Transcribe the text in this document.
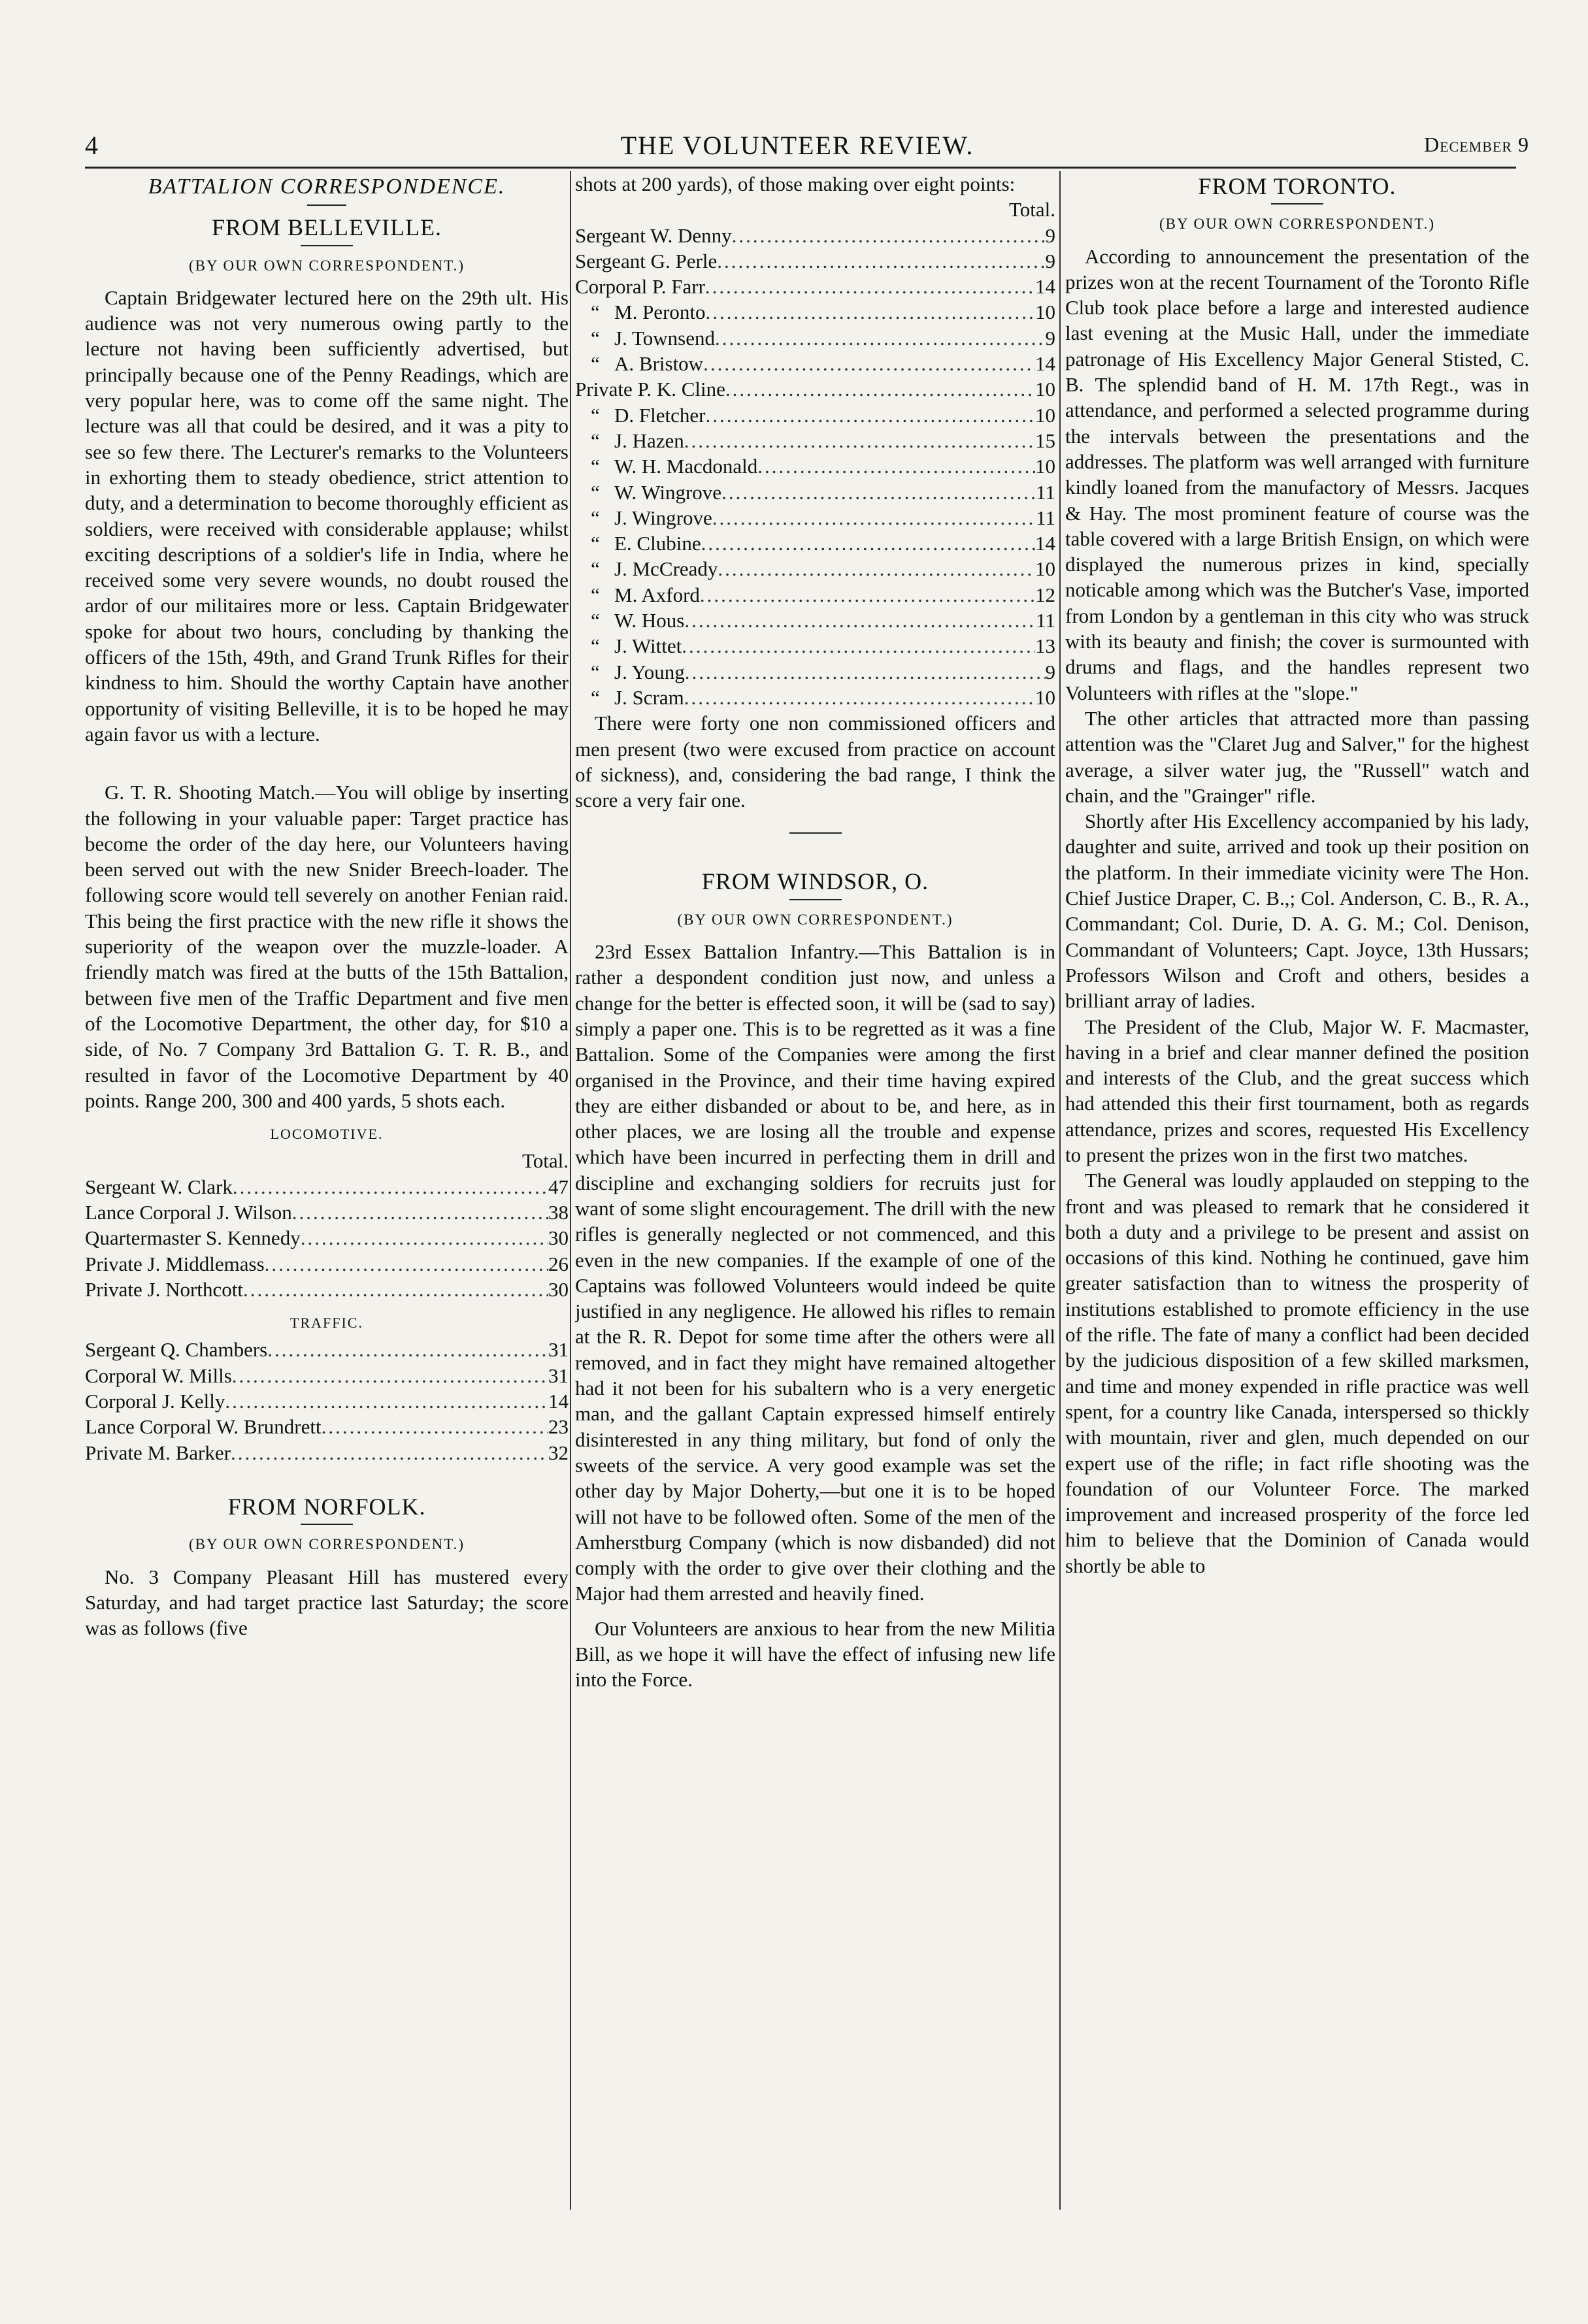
4	THE VOLUNTEER REVIEW.	December 9
BATTALION CORRESPONDENCE.
FROM BELLEVILLE.
(BY OUR OWN CORRESPONDENT.)

Captain Bridgewater lectured here on the 29th ult. His audience was not very numerous owing partly to the lecture not having been sufficiently advertised, but principally because one of the Penny Readings, which are very popular here, was to come off the same night. The lecture was all that could be desired, and it was a pity to see so few there. The Lecturer's remarks to the Volunteers in exhorting them to steady obedience, strict attention to duty, and a determination to become thoroughly efficient as soldiers, were received with considerable applause; whilst exciting descriptions of a soldier's life in India, where he received some very severe wounds, no doubt roused the ardor of our militaires more or less. Captain Bridgewater spoke for about two hours, concluding by thanking the officers of the 15th, 49th, and Grand Trunk Rifles for their kindness to him. Should the worthy Captain have another opportunity of visiting Belleville, it is to be hoped he may again favor us with a lecture.

G. T. R. Shooting Match.—You will oblige by inserting the following in your valuable paper: Target practice has become the order of the day here, our Volunteers having been served out with the new Snider Breech-loader. The following score would tell severely on another Fenian raid. This being the first practice with the new rifle it shows the superiority of the weapon over the muzzle-loader. A friendly match was fired at the butts of the 15th Battalion, between five men of the Traffic Department and five men of the Locomotive Department, the other day, for $10 a side, of No. 7 Company 3rd Battalion G. T. R. B., and resulted in favor of the Locomotive Department by 40 points. Range 200, 300 and 400 yards, 5 shots each.

LOCOMOTIVE.
Total.
Sergeant W. Clark .....	47
Lance Corporal J. Wilson .....	38
Quartermaster S. Kennedy .....	30
Private J. Middlemass .....	26
Private J. Northcott .....	30
TRAFFIC.
Sergeant Q. Chambers .....	31
Corporal W. Mills .....	31
Corporal J. Kelly .....	14
Lance Corporal W. Brundrett .....	23
Private M. Barker .....	32
FROM NORFOLK.
(BY OUR OWN CORRESPONDENT.)

No. 3 Company Pleasant Hill has mustered every Saturday, and had target practice last Saturday; the score was as follows (five

shots at 200 yards), of those making over eight points:

Total.
Sergeant W. Denny .....	9
Sergeant G. Perle .....	9
Corporal P. Farr .....	14
“ M. Peronto .....	10
“ J. Townsend .....	9
“ A. Bristow .....	14
Private P. K. Cline .....	10
“ D. Fletcher .....	10
“ J. Hazen .....	15
“ W. H. Macdonald .....	10
“ W. Wingrove .....	11
“ J. Wingrove .....	11
“ E. Clubine .....	14
“ J. McCready .....	10
“ M. Axford .....	12
“ W. Hous .....	11
“ J. Wittet .....	13
“ J. Young .....	9
“ J. Scram .....	10

There were forty one non commissioned officers and men present (two were excused from practice on account of sickness), and, considering the bad range, I think the score a very fair one.

FROM WINDSOR, O.
(BY OUR OWN CORRESPONDENT.)

23rd Essex Battalion Infantry.—This Battalion is in rather a despondent condition just now, and unless a change for the better is effected soon, it will be (sad to say) simply a paper one. This is to be regretted as it was a fine Battalion. Some of the Companies were among the first organised in the Province, and their time having expired they are either disbanded or about to be, and here, as in other places, we are losing all the trouble and expense which have been incurred in perfecting them in drill and discipline and exchanging soldiers for recruits just for want of some slight encouragement. The drill with the new rifles is generally neglected or not commenced, and this even in the new companies. If the example of one of the Captains was followed Volunteers would indeed be quite justified in any negligence. He allowed his rifles to remain at the R. R. Depot for some time after the others were all removed, and in fact they might have remained altogether had it not been for his subaltern who is a very energetic man, and the gallant Captain expressed himself entirely disinterested in any thing military, but fond of only the sweets of the service. A very good example was set the other day by Major Doherty,—but one it is to be hoped will not have to be followed often. Some of the men of the Amherstburg Company (which is now disbanded) did not comply with the order to give over their clothing and the Major had them arrested and heavily fined.

Our Volunteers are anxious to hear from the new Militia Bill, as we hope it will have the effect of infusing new life into the Force.

FROM TORONTO.
(BY OUR OWN CORRESPONDENT.)

According to announcement the presentation of the prizes won at the recent Tournament of the Toronto Rifle Club took place before a large and interested audience last evening at the Music Hall, under the immediate patronage of His Excellency Major General Stisted, C. B. The splendid band of H. M. 17th Regt., was in attendance, and performed a selected programme during the intervals between the presentations and the addresses. The platform was well arranged with furniture kindly loaned from the manufactory of Messrs. Jacques & Hay. The most prominent feature of course was the table covered with a large British Ensign, on which were displayed the numerous prizes in kind, specially noticable among which was the Butcher's Vase, imported from London by a gentleman in this city who was struck with its beauty and finish; the cover is surmounted with drums and flags, and the handles represent two Volunteers with rifles at the "slope."

The other articles that attracted more than passing attention was the "Claret Jug and Salver," for the highest average, a silver water jug, the "Russell" watch and chain, and the "Grainger" rifle.

Shortly after His Excellency accompanied by his lady, daughter and suite, arrived and took up their position on the platform. In their immediate vicinity were The Hon. Chief Justice Draper, C. B.,; Col. Anderson, C. B., R. A., Commandant; Col. Durie, D. A. G. M.; Col. Denison, Commandant of Volunteers; Capt. Joyce, 13th Hussars; Professors Wilson and Croft and others, besides a brilliant array of ladies.

The President of the Club, Major W. F. Macmaster, having in a brief and clear manner defined the position and interests of the Club, and the great success which had attended this their first tournament, both as regards attendance, prizes and scores, requested His Excellency to present the prizes won in the first two matches.

The General was loudly applauded on stepping to the front and was pleased to remark that he considered it both a duty and a privilege to be present and assist on occasions of this kind. Nothing he continued, gave him greater satisfaction than to witness the prosperity of institutions established to promote efficiency in the use of the rifle. The fate of many a conflict had been decided by the judicious disposition of a few skilled marksmen, and time and money expended in rifle practice was well spent, for a country like Canada, interspersed so thickly with mountain, river and glen, much depended on our expert use of the rifle; in fact rifle shooting was the foundation of our Volunteer Force. The marked improvement and increased prosperity of the force led him to believe that the Dominion of Canada would shortly be able to
